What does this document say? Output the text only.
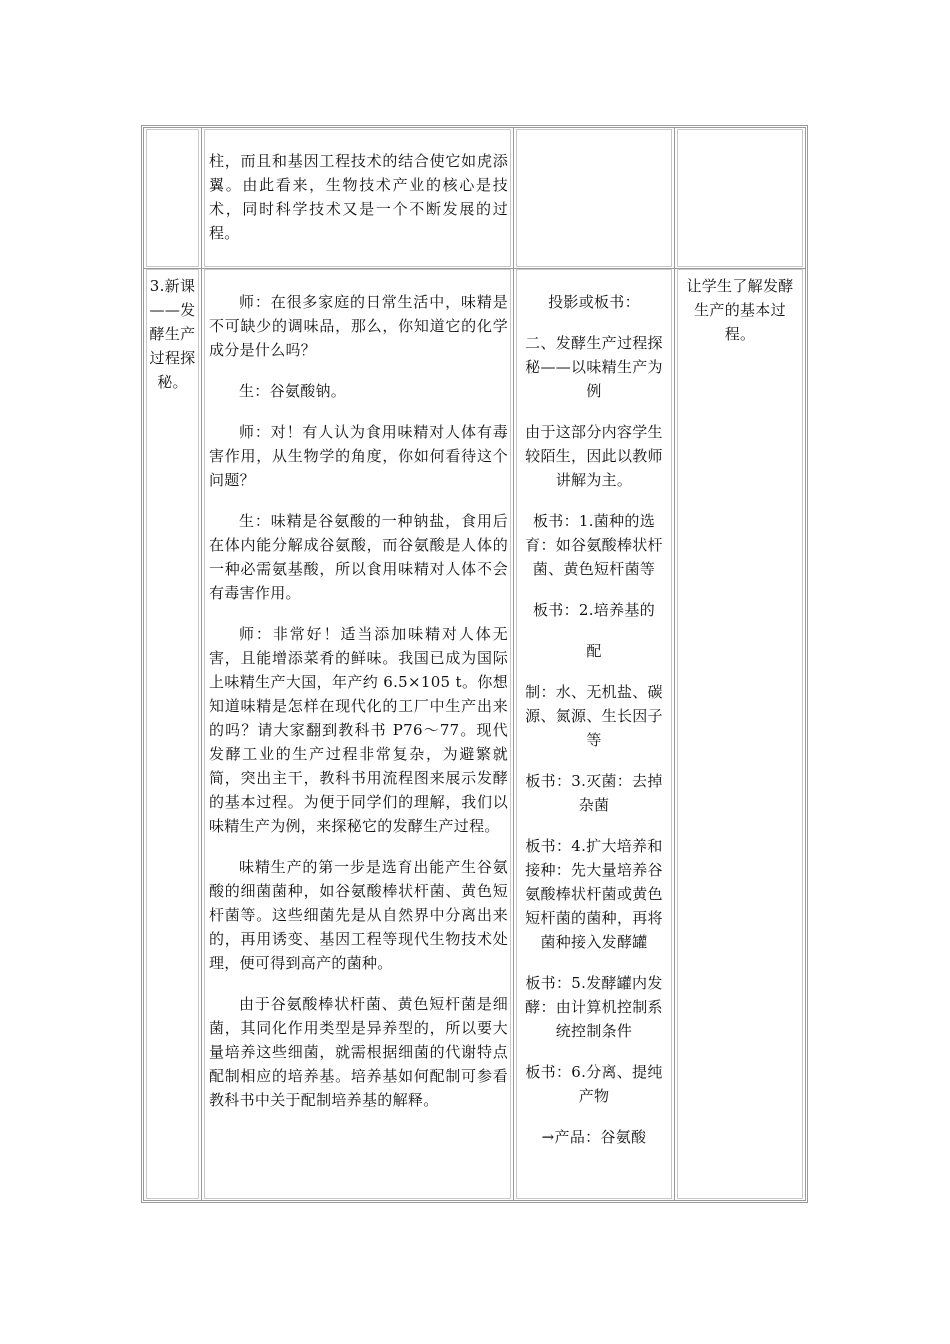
柱，而且和基因工程技术的结合使它如虎添翼。由此看来，生物技术产业的核心是技术，同时科学技术又是一个不断发展的过程。

3.新课——发酵生产过程探秘。

师：在很多家庭的日常生活中，味精是不可缺少的调味品，那么，你知道它的化学成分是什么吗？

生：谷氨酸钠。

师：对！有人认为食用味精对人体有毒害作用，从生物学的角度，你如何看待这个问题？

生：味精是谷氨酸的一种钠盐，食用后在体内能分解成谷氨酸，而谷氨酸是人体的一种必需氨基酸，所以食用味精对人体不会有毒害作用。

师：非常好！适当添加味精对人体无害，且能增添菜肴的鲜味。我国已成为国际上味精生产大国，年产约 6.5×105 t。你想知道味精是怎样在现代化的工厂中生产出来的吗？请大家翻到教科书 P76～77。现代发酵工业的生产过程非常复杂，为避繁就简，突出主干，教科书用流程图来展示发酵的基本过程。为便于同学们的理解，我们以味精生产为例，来探秘它的发酵生产过程。

味精生产的第一步是选育出能产生谷氨酸的细菌菌种，如谷氨酸棒状杆菌、黄色短杆菌等。这些细菌先是从自然界中分离出来的，再用诱变、基因工程等现代生物技术处理，便可得到高产的菌种。

由于谷氨酸棒状杆菌、黄色短杆菌是细菌，其同化作用类型是异养型的，所以要大量培养这些细菌，就需根据细菌的代谢特点配制相应的培养基。培养基如何配制可参看教科书中关于配制培养基的解释。

投影或板书：

二、发酵生产过程探秘——以味精生产为例

由于这部分内容学生较陌生，因此以教师讲解为主。

板书：1.菌种的选育：如谷氨酸棒状杆菌、黄色短杆菌等

板书：2.培养基的

配

制：水、无机盐、碳源、氮源、生长因子等

板书：3.灭菌：去掉杂菌

板书：4.扩大培养和接种：先大量培养谷氨酸棒状杆菌或黄色短杆菌的菌种，再将菌种接入发酵罐

板书：5.发酵罐内发酵：由计算机控制系统控制条件

板书：6.分离、提纯产物

→产品：谷氨酸

让学生了解发酵生产的基本过程。
